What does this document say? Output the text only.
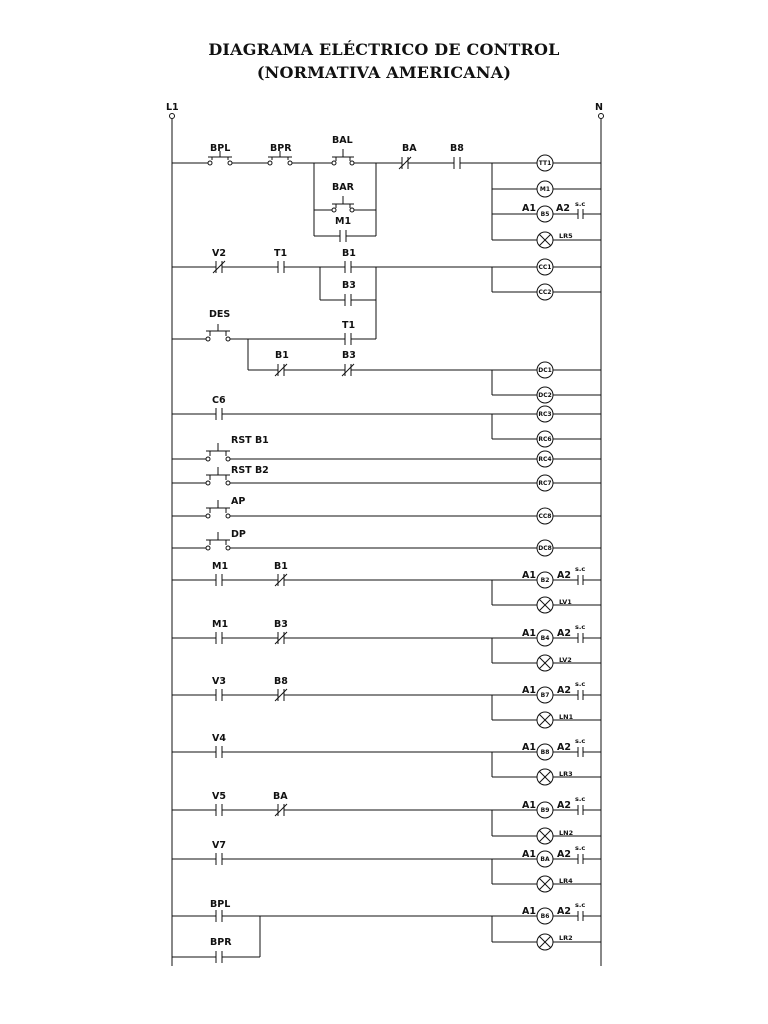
DIAGRAMA ELÉCTRICO DE CONTROL
(NORMATIVA AMERICANA)
L1	N
BPL	BPR
BAL
BAR
M1
BA	B8
TT1
M1
B5
A1 A2 s.c
LR5
V2	T1	B1
B3
CC1
CC2
DES
T1
B1	B3
DC1
DC2
C6
RC3
RC6
RST B1
RC4
RST B2
RC7
AP
CC8
DP
DC8
M1	B1
A1 B2 A2
s.c
LV1
M1	B3
A1 B4 A2
s.c
LV2
V3	B8
A1 B7 A2
s.c
LN1
V4
A1 B8 A2
s.c
LR3
V5	BA
A1 B9 A2
s.c
LN2
V7
A1 BA A2
s.c
LR4
BPL
BPR
A1 B6 A2
s.c
LR2
